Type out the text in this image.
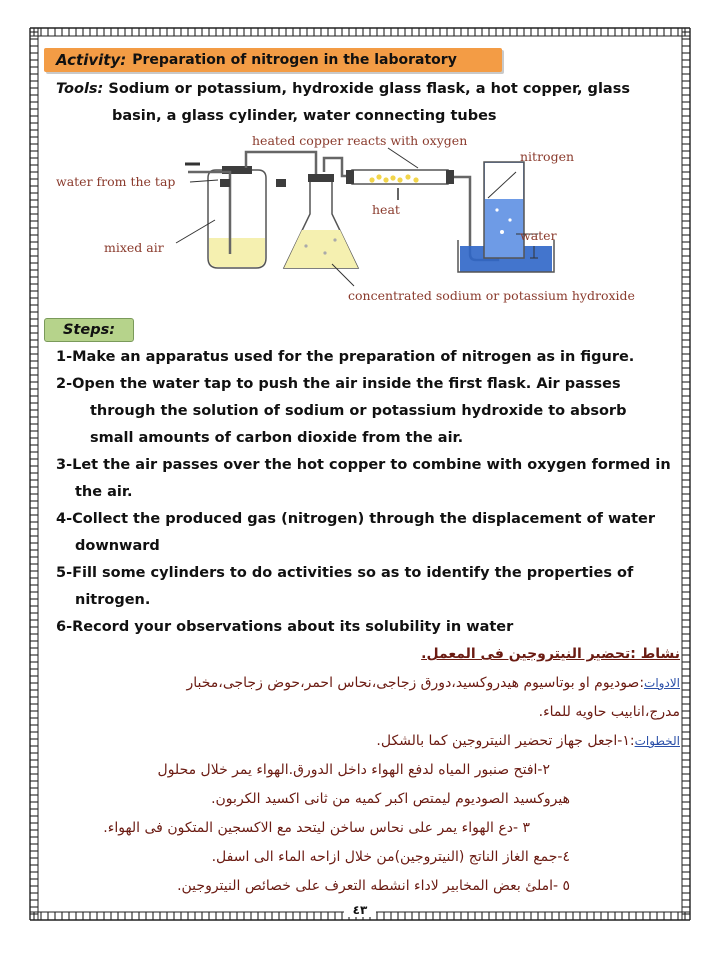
Activity: Preparation of nitrogen in the laboratory
Tools: Sodium or potassium, hydroxide glass flask, a hot copper, glass
basin, a glass cylinder, water connecting tubes
heated copper reacts with oxygen
nitrogen
water from the tap
heat
water
mixed air
concentrated sodium or potassium hydroxide
Steps:
1-Make an apparatus used for the preparation of nitrogen as in figure.
2-Open the water tap to push the air inside the first flask. Air passes
through the solution of sodium or potassium hydroxide to absorb
small amounts of carbon dioxide from the air.
3-Let the air passes over the hot copper to combine with oxygen formed in
the air.
4-Collect the produced gas (nitrogen) through the displacement of water
downward
5-Fill some cylinders to do activities so as to identify the properties of
nitrogen.
6-Record your observations about its solubility in water
نشاط :تحضير النيتروجين فى المعمل.
الادوات:صوديوم او بوتاسيوم هيدروكسيد،دورق زجاجى،نحاس احمر،حوض زجاجى،مخبار
مدرج،انابيب حاويه للماء.
الخطوات:١-اجعل جهاز تحضير النيتروجين كما بالشكل.
٢-افتح صنبور المياه لدفع الهواء داخل الدورق.الهواء يمر خلال محلول
هيروكسيد الصوديوم ليمتص اكبر كميه من ثانى اكسيد الكربون.
٣ -دع الهواء يمر على نحاس ساخن ليتحد مع الاكسجين المتكون فى الهواء.
٤-جمع الغاز الناتج (النيتروجين)من خلال ازاحه الماء الى اسفل.
٥ -املئ بعض المخابير لاداء انشطه التعرف على خصائص النيتروجين.
٤٣
